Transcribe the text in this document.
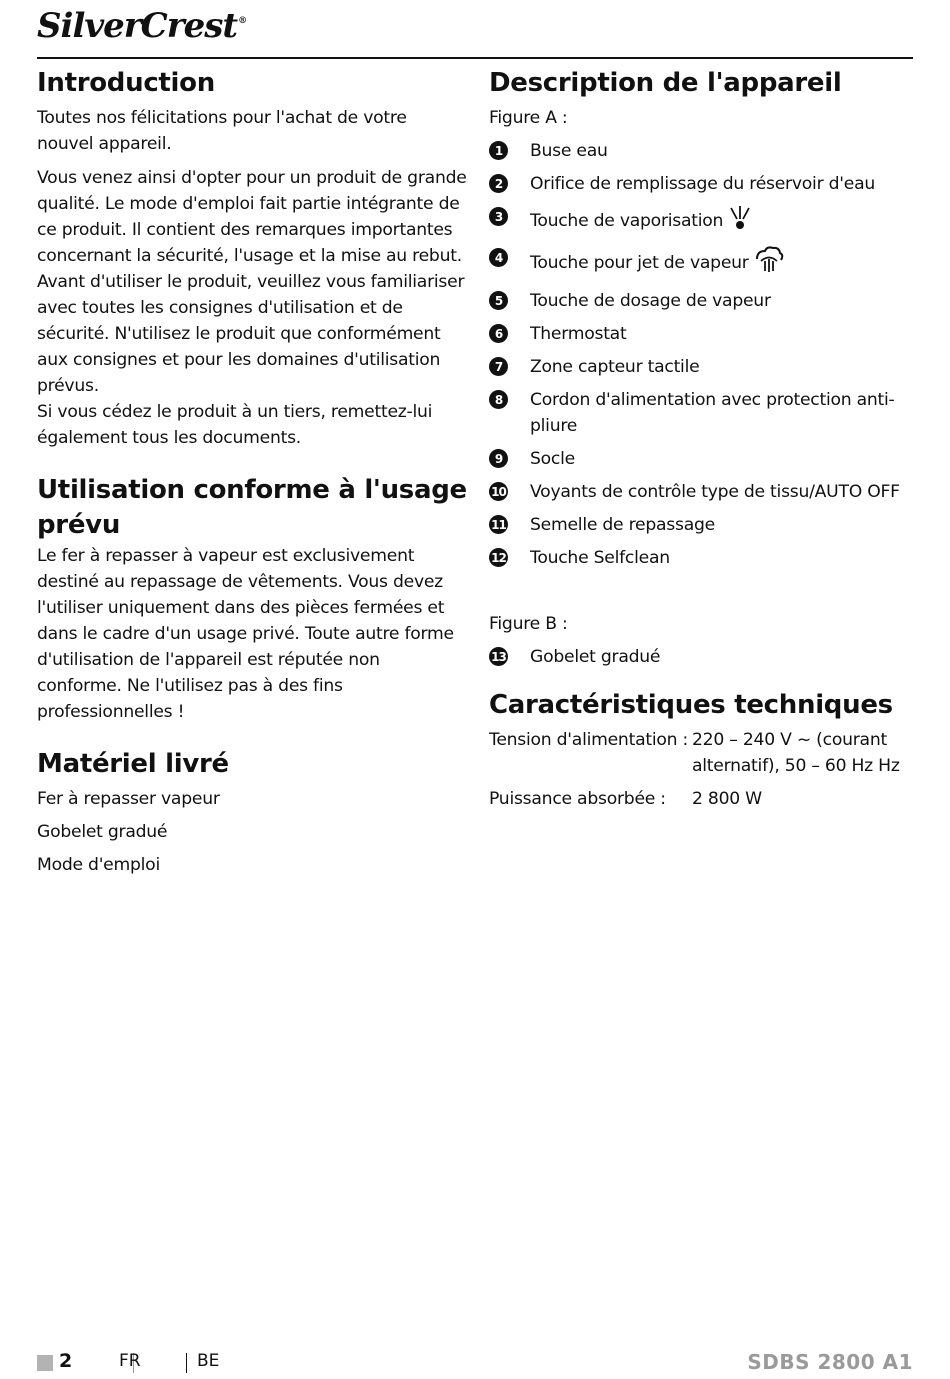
SilverCrest®
Introduction

Toutes nos félicitations pour l'achat de votre nouvel appareil.

Vous venez ainsi d'opter pour un produit de grande qualité. Le mode d'emploi fait partie intégrante de ce produit. Il contient des remarques importantes concernant la sécurité, l'usage et la mise au rebut. Avant d'utiliser le produit, veuillez vous familiariser avec toutes les consignes d'utilisation et de sécurité. N'utilisez le produit que conformément aux consignes et pour les domaines d'utilisation prévus.

Si vous cédez le produit à un tiers, remettez-lui également tous les documents.

Utilisation conforme à l'usage prévu

Le fer à repasser à vapeur est exclusivement destiné au repassage de vêtements. Vous devez l'utiliser uniquement dans des pièces fermées et dans le cadre d'un usage privé. Toute autre forme d'utilisation de l'appareil est réputée non conforme. Ne l'utilisez pas à des fins professionnelles !

Matériel livré
Fer à repasser vapeur
Gobelet gradué
Mode d'emploi
Description de l'appareil
Figure A :
1	Buse eau
2	Orifice de remplissage du réservoir d'eau
3	Touche de vaporisation
4	Touche pour jet de vapeur
5	Touche de dosage de vapeur
6	Thermostat
7	Zone capteur tactile
8	Cordon d'alimentation avec protection anti-pliure
9	Socle
10 Voyants de contrôle type de tissu/AUTO OFF
11 Semelle de repassage
12 Touche Selfclean
Figure B :
13 Gobelet gradué
Caractéristiques techniques
Tension d'alimentation : 220 – 240 V ~ (courant alternatif), 50 – 60 Hz Hz
Puissance absorbée :	2 800 W
2	FR	BE	SDBS 2800 A1
